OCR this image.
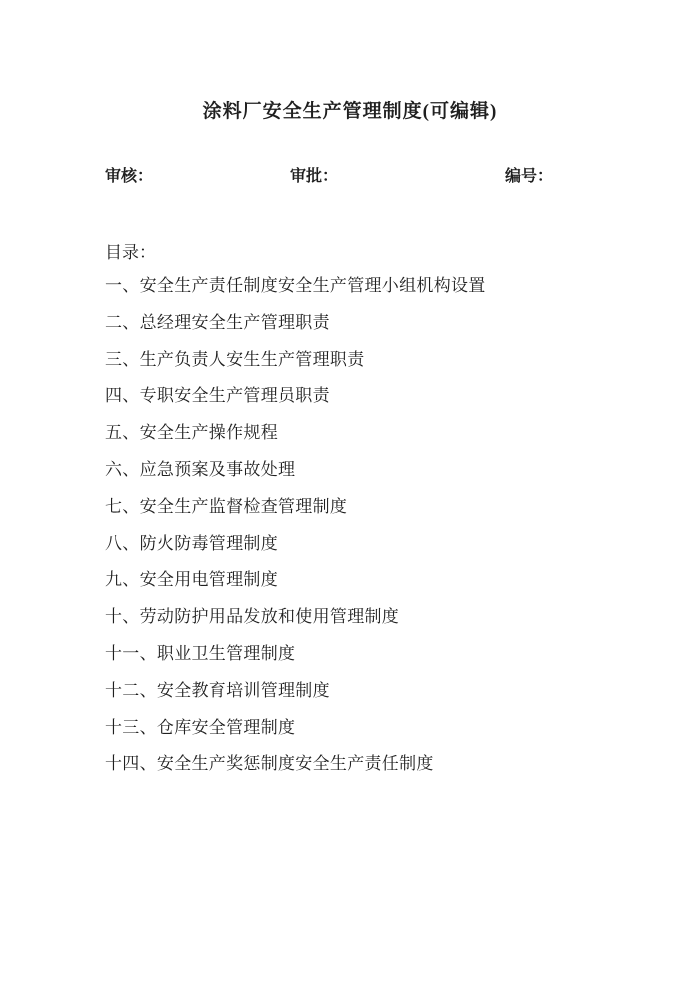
涂料厂安全生产管理制度(可编辑)
审核：	审批：	编号：
目录：
一、安全生产责任制度安全生产管理小组机构设置
二、总经理安全生产管理职责
三、生产负责人安生生产管理职责
四、专职安全生产管理员职责
五、安全生产操作规程
六、应急预案及事故处理
七、安全生产监督检查管理制度
八、防火防毒管理制度
九、安全用电管理制度
十、劳动防护用品发放和使用管理制度
十一、职业卫生管理制度
十二、安全教育培训管理制度
十三、仓库安全管理制度
十四、安全生产奖惩制度安全生产责任制度
